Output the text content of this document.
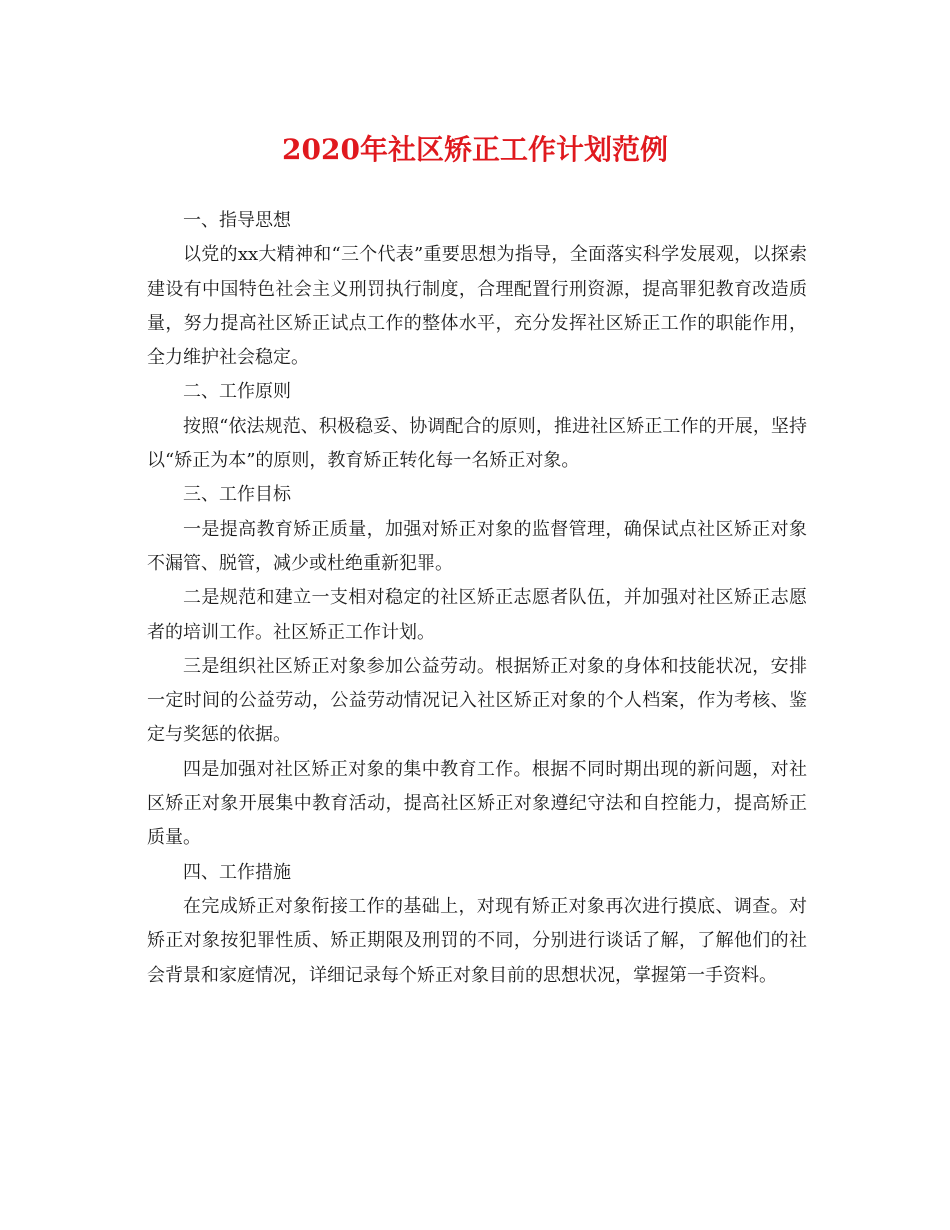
2020年社区矫正工作计划范例

一、指导思想

以党的xx大精神和“三个代表”重要思想为指导，全面落实科学发展观，以探索建设有中国特色社会主义刑罚执行制度，合理配置行刑资源，提高罪犯教育改造质量，努力提高社区矫正试点工作的整体水平，充分发挥社区矫正工作的职能作用，全力维护社会稳定。

二、工作原则

按照“依法规范、积极稳妥、协调配合的原则，推进社区矫正工作的开展，坚持以“矫正为本”的原则，教育矫正转化每一名矫正对象。

三、工作目标

一是提高教育矫正质量，加强对矫正对象的监督管理，确保试点社区矫正对象不漏管、脱管，减少或杜绝重新犯罪。

二是规范和建立一支相对稳定的社区矫正志愿者队伍，并加强对社区矫正志愿者的培训工作。社区矫正工作计划。

三是组织社区矫正对象参加公益劳动。根据矫正对象的身体和技能状况，安排一定时间的公益劳动，公益劳动情况记入社区矫正对象的个人档案，作为考核、鉴定与奖惩的依据。

四是加强对社区矫正对象的集中教育工作。根据不同时期出现的新问题，对社区矫正对象开展集中教育活动，提高社区矫正对象遵纪守法和自控能力，提高矫正质量。

四、工作措施

在完成矫正对象衔接工作的基础上，对现有矫正对象再次进行摸底、调查。对矫正对象按犯罪性质、矫正期限及刑罚的不同，分别进行谈话了解，了解他们的社会背景和家庭情况，详细记录每个矫正对象目前的思想状况，掌握第一手资料。
